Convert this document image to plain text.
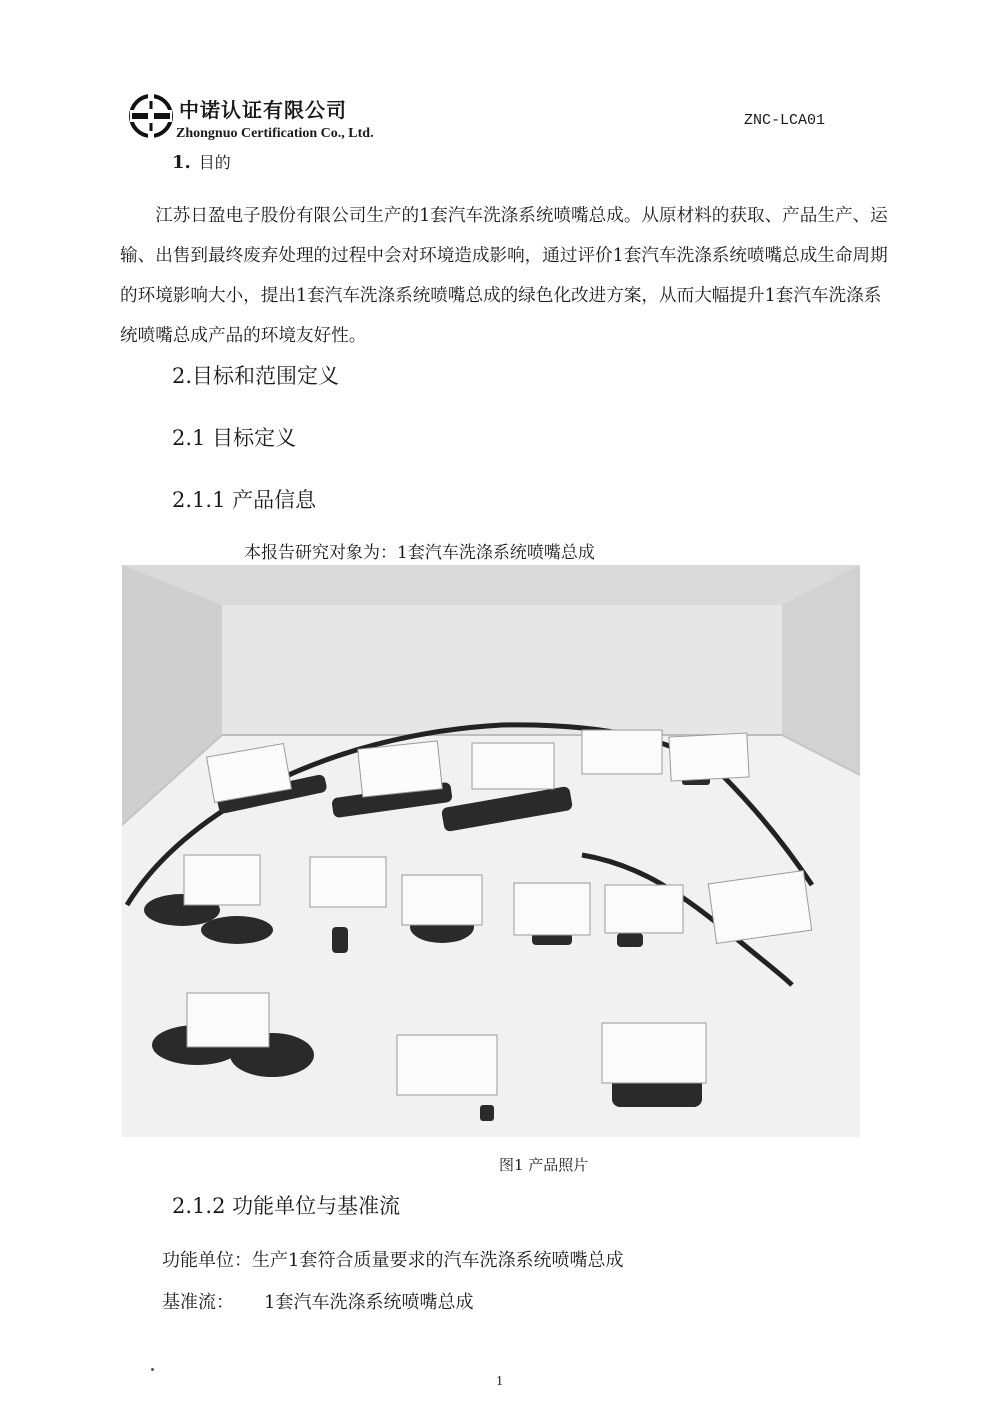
中诺认证有限公司
Zhongnuo Certification Co., Ltd.
ZNC-LCA01
1. 目的
江苏日盈电子股份有限公司生产的1套汽车洗涤系统喷嘴总成。从原材料的获取、产品生产、运输、出售到最终废弃处理的过程中会对环境造成影响，通过评价1套汽车洗涤系统喷嘴总成生命周期的环境影响大小，提出1套汽车洗涤系统喷嘴总成的绿色化改进方案，从而大幅提升1套汽车洗涤系统喷嘴总成产品的环境友好性。
2.目标和范围定义
2.1 目标定义
2.1.1 产品信息
本报告研究对象为：1套汽车洗涤系统喷嘴总成
图1 产品照片
2.1.2 功能单位与基准流
功能单位：生产1套符合质量要求的汽车洗涤系统喷嘴总成
基准流： 1套汽车洗涤系统喷嘴总成
1
